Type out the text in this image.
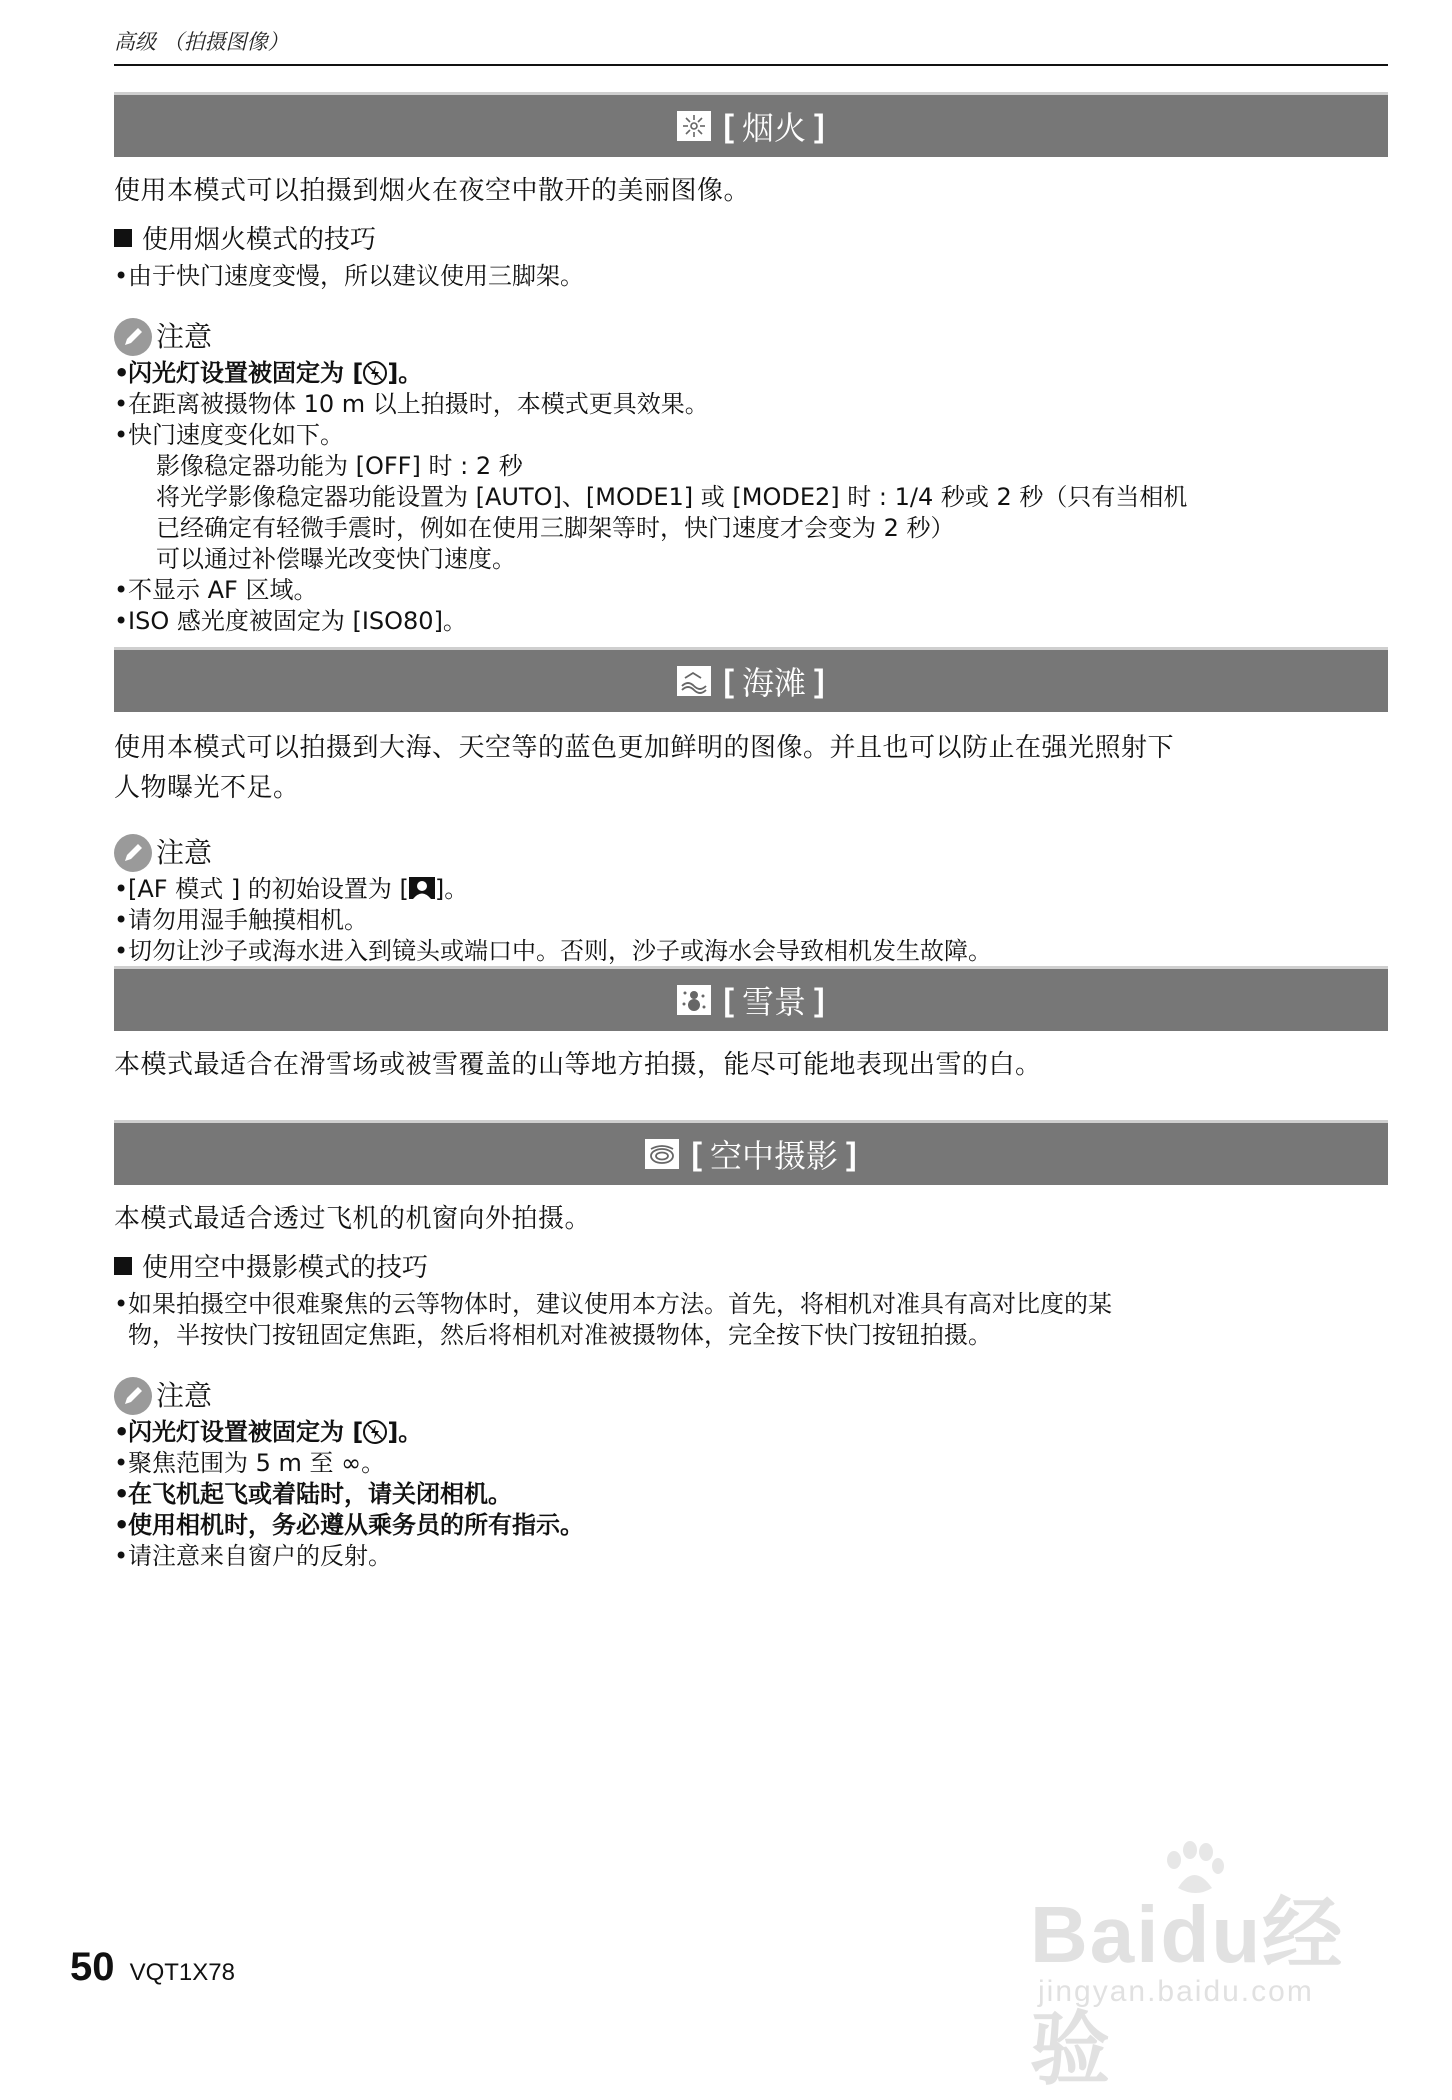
高级 （拍摄图像）
[ 烟火 ]

使用本模式可以拍摄到烟火在夜空中散开的美丽图像。

使用烟火模式的技巧
• 由于快门速度变慢，所以建议使用三脚架。
注意
• 闪光灯设置被固定为 [ ]。
• 在距离被摄物体 10 m 以上拍摄时，本模式更具效果。
• 快门速度变化如下。
影像稳定器功能为 [OFF] 时 : 2 秒
将光学影像稳定器功能设置为 [AUTO]、[MODE1] 或 [MODE2] 时 : 1/4 秒或 2 秒（只有当相机
已经确定有轻微手震时，例如在使用三脚架等时，快门速度才会变为 2 秒）
可以通过补偿曝光改变快门速度。
• 不显示 AF 区域。
• ISO 感光度被固定为 [ISO80]。
[ 海滩 ]

使用本模式可以拍摄到大海、天空等的蓝色更加鲜明的图像。并且也可以防止在强光照射下
人物曝光不足。

注意
• [AF 模式 ] 的初始设置为 [ ]。
• 请勿用湿手触摸相机。
• 切勿让沙子或海水进入到镜头或端口中。否则，沙子或海水会导致相机发生故障。
[ 雪景 ]

本模式最适合在滑雪场或被雪覆盖的山等地方拍摄，能尽可能地表现出雪的白。

[ 空中摄影 ]

本模式最适合透过飞机的机窗向外拍摄。

使用空中摄影模式的技巧
• 如果拍摄空中很难聚焦的云等物体时，建议使用本方法。首先，将相机对准具有高对比度的某
物，半按快门按钮固定焦距，然后将相机对准被摄物体，完全按下快门按钮拍摄。
注意
• 闪光灯设置被固定为 [ ]。
• 聚焦范围为 5 m 至 ∞。
• 在飞机起飞或着陆时，请关闭相机。
• 使用相机时，务必遵从乘务员的所有指示。
• 请注意来自窗户的反射。
50 VQT1X78	Baidu经验
jingyan.baidu.com
